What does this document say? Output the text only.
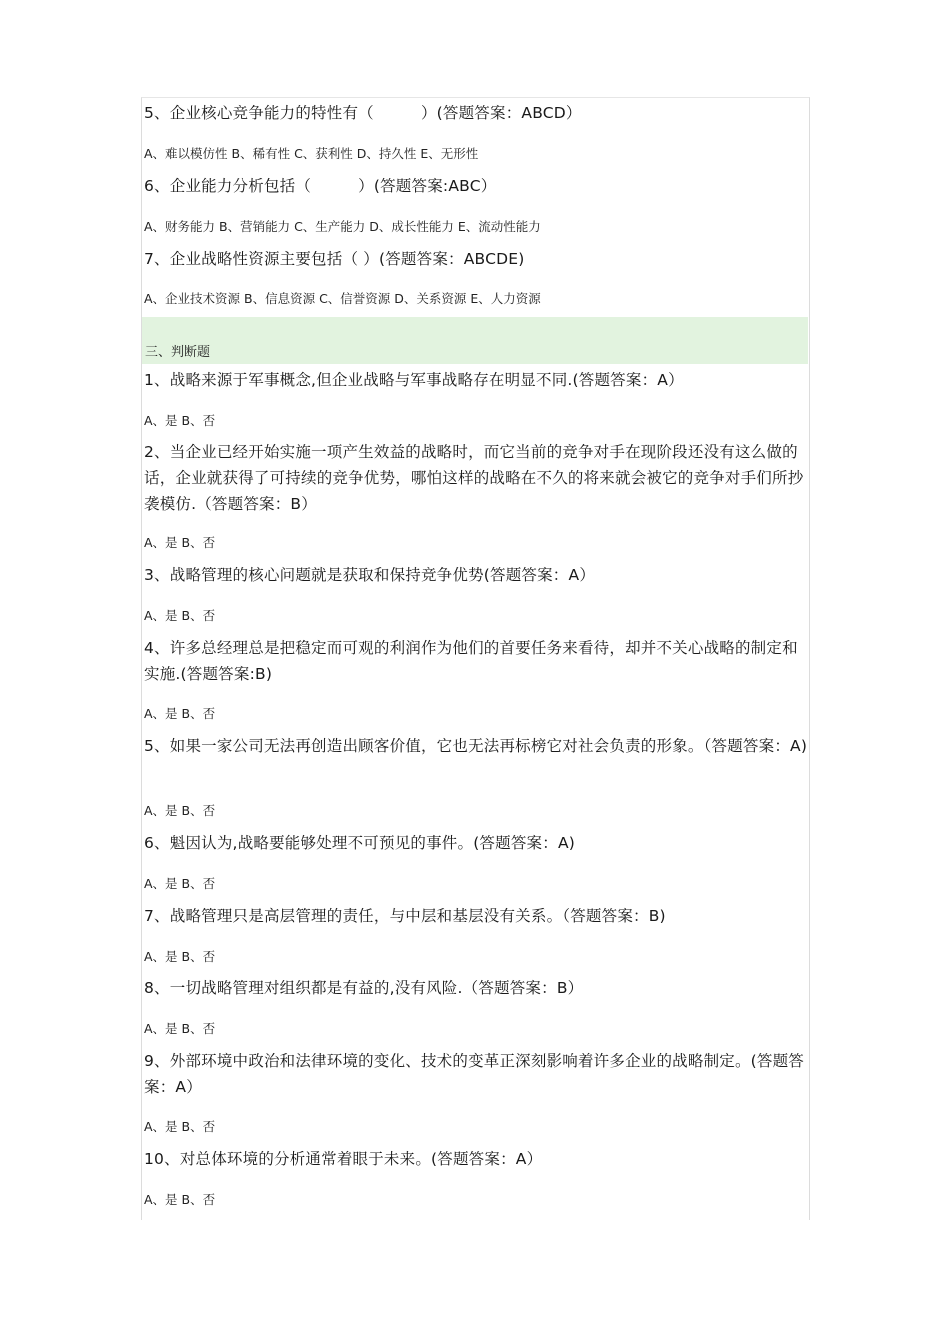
5、企业核心竞争能力的特性有（　　　）(答题答案：ABCD）
A、难以模仿性 B、稀有性 C、获利性 D、持久性 E、无形性
6、企业能力分析包括（　　　）(答题答案:ABC）
A、财务能力 B、营销能力 C、生产能力 D、成长性能力 E、流动性能力
7、企业战略性资源主要包括（ ）(答题答案：ABCDE)
A、企业技术资源 B、信息资源 C、信誉资源 D、关系资源 E、人力资源
三、判断题
1、战略来源于军事概念,但企业战略与军事战略存在明显不同.(答题答案：A）
A、是 B、否
2、当企业已经开始实施一项产生效益的战略时，而它当前的竞争对手在现阶段还没有这么做的话，企业就获得了可持续的竞争优势，哪怕这样的战略在不久的将来就会被它的竞争对手们所抄袭模仿.（答题答案：B）
A、是 B、否
3、战略管理的核心问题就是获取和保持竞争优势(答题答案：A）
A、是 B、否
4、许多总经理总是把稳定而可观的利润作为他们的首要任务来看待，却并不关心战略的制定和实施.(答题答案:B)
A、是 B、否
5、如果一家公司无法再创造出顾客价值，它也无法再标榜它对社会负责的形象。（答题答案：A)
A、是 B、否
6、魁因认为,战略要能够处理不可预见的事件。(答题答案：A)
A、是 B、否
7、战略管理只是高层管理的责任，与中层和基层没有关系。（答题答案：B)
A、是 B、否
8、一切战略管理对组织都是有益的,没有风险.（答题答案：B）
A、是 B、否
9、外部环境中政治和法律环境的变化、技术的变革正深刻影响着许多企业的战略制定。(答题答案：A）
A、是 B、否
10、对总体环境的分析通常着眼于未来。(答题答案：A）
A、是 B、否
